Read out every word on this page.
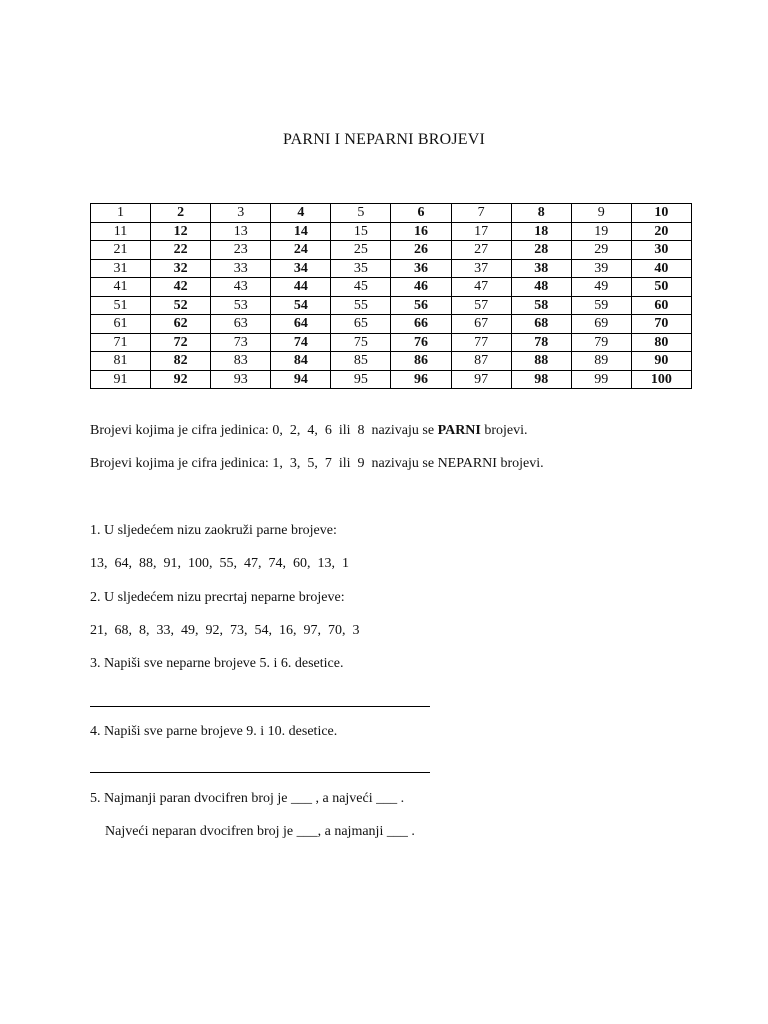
PARNI I NEPARNI BROJEVI
1	2	3	4	5	6	7	8	9	10
11	12	13	14	15	16	17	18	19	20
21	22	23	24	25	26	27	28	29	30
31	32	33	34	35	36	37	38	39	40
41	42	43	44	45	46	47	48	49	50
51	52	53	54	55	56	57	58	59	60
61	62	63	64	65	66	67	68	69	70
71	72	73	74	75	76	77	78	79	80
81	82	83	84	85	86	87	88	89	90
91	92	93	94	95	96	97	98	99	100
Brojevi kojima je cifra jedinica: 0,  2,  4,  6  ili  8  nazivaju se PARNI brojevi.
Brojevi kojima je cifra jedinica: 1,  3,  5,  7  ili  9  nazivaju se NEPARNI brojevi.
1. U sljedećem nizu zaokruži parne brojeve:
13,  64,  88,  91,  100,  55,  47,  74,  60,  13,  1
2. U sljedećem nizu precrtaj neparne brojeve:
21,  68,  8,  33,  49,  92,  73,  54,  16,  97,  70,  3
3. Napiši sve neparne brojeve 5. i 6. desetice.
4. Napiši sve parne brojeve 9. i 10. desetice.
5. Najmanji paran dvocifren broj je ___ , a najveći ___ .
Najveći neparan dvocifren broj je ___, a najmanji ___ .
